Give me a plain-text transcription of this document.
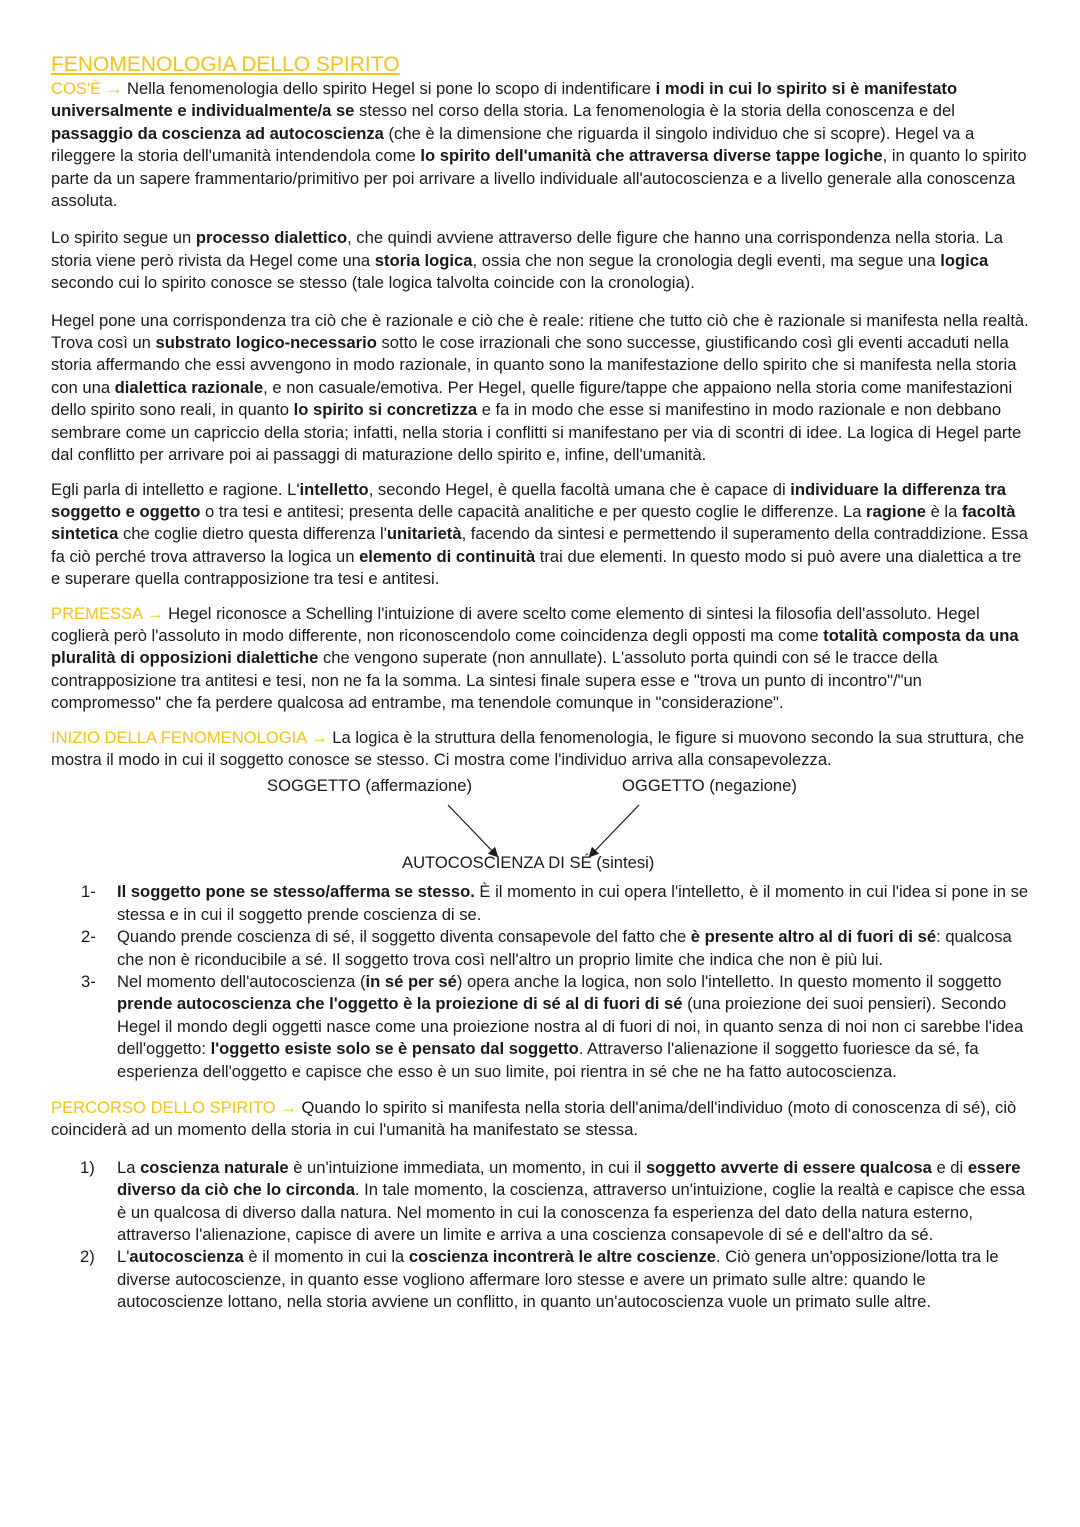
FENOMENOLOGIA DELLO SPIRITO

COS'È → Nella fenomenologia dello spirito Hegel si pone lo scopo di indentificare i modi in cui lo spirito si è manifestato universalmente e individualmente/a se stesso nel corso della storia. La fenomenologia è la storia della conoscenza e del passaggio da coscienza ad autocoscienza (che è la dimensione che riguarda il singolo individuo che si scopre). Hegel va a rileggere la storia dell'umanità intendendola come lo spirito dell'umanità che attraversa diverse tappe logiche, in quanto lo spirito parte da un sapere frammentario/primitivo per poi arrivare a livello individuale all'autocoscienza e a livello generale alla conoscenza assoluta.

Lo spirito segue un processo dialettico, che quindi avviene attraverso delle figure che hanno una corrispondenza nella storia. La storia viene però rivista da Hegel come una storia logica, ossia che non segue la cronologia degli eventi, ma segue una logica secondo cui lo spirito conosce se stesso (tale logica talvolta coincide con la cronologia).

Hegel pone una corrispondenza tra ciò che è razionale e ciò che è reale: ritiene che tutto ciò che è razionale si manifesta nella realtà. Trova così un substrato logico-necessario sotto le cose irrazionali che sono successe, giustificando così gli eventi accaduti nella storia affermando che essi avvengono in modo razionale, in quanto sono la manifestazione dello spirito che si manifesta nella storia con una dialettica razionale, e non casuale/emotiva. Per Hegel, quelle figure/tappe che appaiono nella storia come manifestazioni dello spirito sono reali, in quanto lo spirito si concretizza e fa in modo che esse si manifestino in modo razionale e non debbano sembrare come un capriccio della storia; infatti, nella storia i conflitti si manifestano per via di scontri di idee. La logica di Hegel parte dal conflitto per arrivare poi ai passaggi di maturazione dello spirito e, infine, dell'umanità.

Egli parla di intelletto e ragione. L'intelletto, secondo Hegel, è quella facoltà umana che è capace di individuare la differenza tra soggetto e oggetto o tra tesi e antitesi; presenta delle capacità analitiche e per questo coglie le differenze. La ragione è la facoltà sintetica che coglie dietro questa differenza l'unitarietà, facendo da sintesi e permettendo il superamento della contraddizione. Essa fa ciò perché trova attraverso la logica un elemento di continuità trai due elementi. In questo modo si può avere una dialettica a tre e superare quella contrapposizione tra tesi e antitesi.

PREMESSA → Hegel riconosce a Schelling l'intuizione di avere scelto come elemento di sintesi la filosofia dell'assoluto. Hegel coglierà però l'assoluto in modo differente, non riconoscendolo come coincidenza degli opposti ma come totalità composta da una pluralità di opposizioni dialettiche che vengono superate (non annullate). L'assoluto porta quindi con sé le tracce della contrapposizione tra antitesi e tesi, non ne fa la somma. La sintesi finale supera esse e "trova un punto di incontro"/"un compromesso" che fa perdere qualcosa ad entrambe, ma tenendole comunque in "considerazione".

INIZIO DELLA FENOMENOLOGIA → La logica è la struttura della fenomenologia, le figure si muovono secondo la sua struttura, che mostra il modo in cui il soggetto conosce se stesso. Ci mostra come l'individuo arriva alla consapevolezza.

SOGGETTO (affermazione)	OGGETTO (negazione)
AUTOCOSCIENZA DI SÉ (sintesi)
1- Il soggetto pone se stesso/afferma se stesso. È il momento in cui opera l'intelletto, è il momento in cui l'idea si pone in se stessa e in cui il soggetto prende coscienza di se.
2- Quando prende coscienza di sé, il soggetto diventa consapevole del fatto che è presente altro al di fuori di sé: qualcosa che non è riconducibile a sé. Il soggetto trova così nell'altro un proprio limite che indica che non è più lui.
3- Nel momento dell'autocoscienza (in sé per sé) opera anche la logica, non solo l'intelletto. In questo momento il soggetto prende autocoscienza che l'oggetto è la proiezione di sé al di fuori di sé (una proiezione dei suoi pensieri). Secondo Hegel il mondo degli oggetti nasce come una proiezione nostra al di fuori di noi, in quanto senza di noi non ci sarebbe l'idea dell'oggetto: l'oggetto esiste solo se è pensato dal soggetto. Attraverso l'alienazione il soggetto fuoriesce da sé, fa esperienza dell'oggetto e capisce che esso è un suo limite, poi rientra in sé che ne ha fatto autocoscienza.

PERCORSO DELLO SPIRITO → Quando lo spirito si manifesta nella storia dell'anima/dell'individuo (moto di conoscenza di sé), ciò coinciderà ad un momento della storia in cui l'umanità ha manifestato se stessa.

1) La coscienza naturale è un'intuizione immediata, un momento, in cui il soggetto avverte di essere qualcosa e di essere diverso da ciò che lo circonda. In tale momento, la coscienza, attraverso un'intuizione, coglie la realtà e capisce che essa è un qualcosa di diverso dalla natura. Nel momento in cui la conoscenza fa esperienza del dato della natura esterno, attraverso l'alienazione, capisce di avere un limite e arriva a una coscienza consapevole di sé e dell'altro da sé.
2) L'autocoscienza è il momento in cui la coscienza incontrerà le altre coscienze. Ciò genera un'opposizione/lotta tra le diverse autocoscienze, in quanto esse vogliono affermare loro stesse e avere un primato sulle altre: quando le autocoscienze lottano, nella storia avviene un conflitto, in quanto un'autocoscienza vuole un primato sulle altre.
